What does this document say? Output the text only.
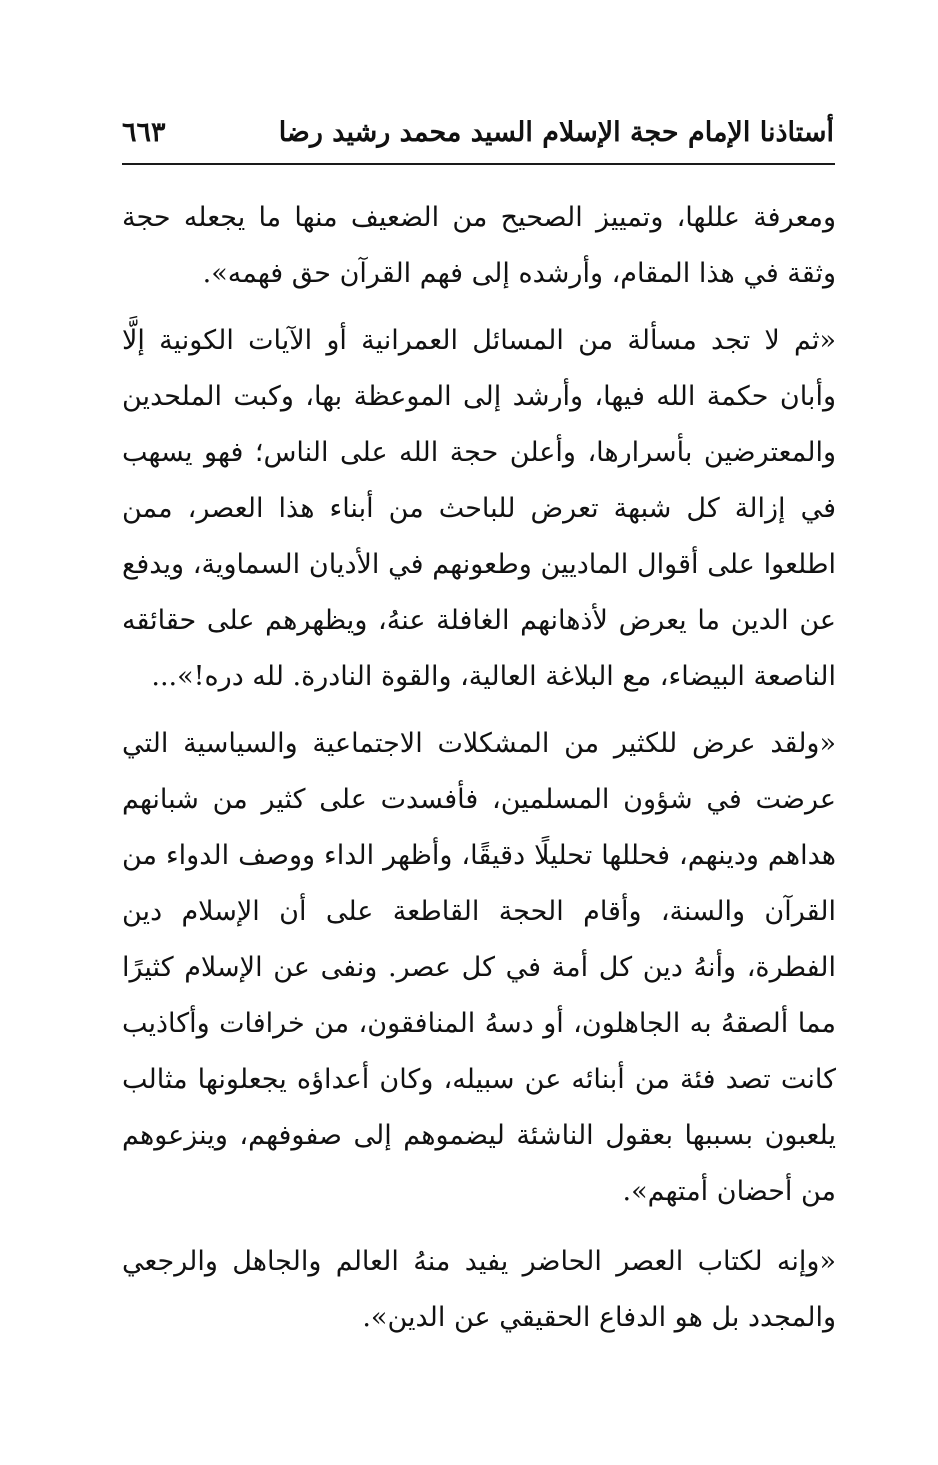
أستاذنا الإمام حجة الإسلام السيد محمد رشيد رضا
٦٦٣

ومعرفة عللها، وتمييز الصحيح من الضعيف منها ما يجعله حجة وثقة في هذا المقام، وأرشده إلى فهم القرآن حق فهمه».

«ثم لا تجد مسألة من المسائل العمرانية أو الآيات الكونية إلَّا وأبان حكمة الله فيها، وأرشد إلى الموعظة بها، وكبت الملحدين والمعترضين بأسرارها، وأعلن حجة الله على الناس؛ فهو يسهب في إزالة كل شبهة تعرض للباحث من أبناء هذا العصر، ممن اطلعوا على أقوال الماديين وطعونهم في الأديان السماوية، ويدفع عن الدين ما يعرض لأذهانهم الغافلة عنهُ، ويظهرهم على حقائقه الناصعة البيضاء، مع البلاغة العالية، والقوة النادرة. لله دره!»...

«ولقد عرض للكثير من المشكلات الاجتماعية والسياسية التي عرضت في شؤون المسلمين، فأفسدت على كثير من شبانهم هداهم ودينهم، فحللها تحليلًا دقيقًا، وأظهر الداء ووصف الدواء من القرآن والسنة، وأقام الحجة القاطعة على أن الإسلام دين الفطرة، وأنهُ دين كل أمة في كل عصر. ونفى عن الإسلام كثيرًا مما ألصقهُ به الجاهلون، أو دسهُ المنافقون، من خرافات وأكاذيب كانت تصد فئة من أبنائه عن سبيله، وكان أعداؤه يجعلونها مثالب يلعبون بسببها بعقول الناشئة ليضموهم إلى صفوفهم، وينزعوهم من أحضان أمتهم».

«وإنه لكتاب العصر الحاضر يفيد منهُ العالم والجاهل والرجعي والمجدد بل هو الدفاع الحقيقي عن الدين».
